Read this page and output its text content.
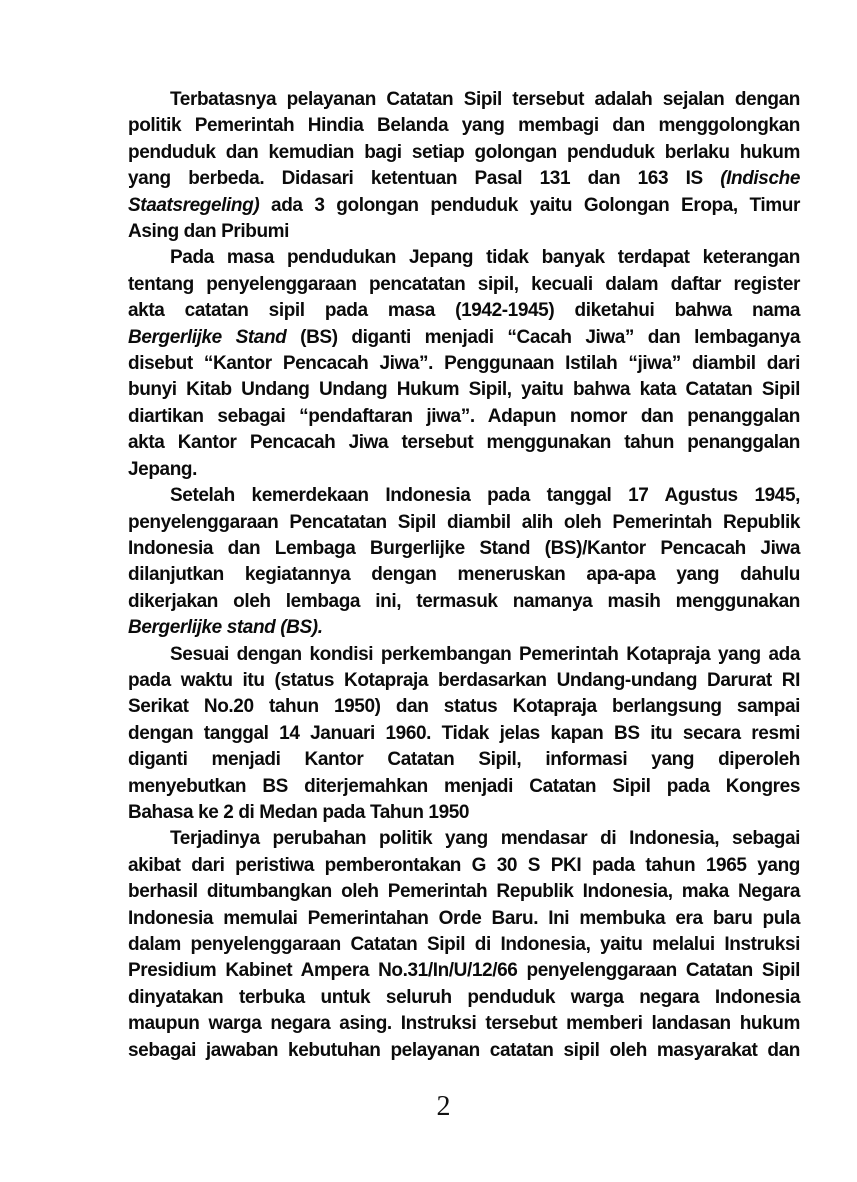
Terbatasnya pelayanan Catatan Sipil tersebut adalah sejalan dengan
politik Pemerintah Hindia Belanda yang membagi dan menggolongkan
penduduk dan kemudian bagi setiap golongan penduduk berlaku hukum
yang berbeda. Didasari ketentuan Pasal 131 dan 163 IS (Indische
Staatsregeling) ada 3 golongan penduduk yaitu Golongan Eropa, Timur
Asing dan Pribumi
Pada masa pendudukan Jepang tidak banyak terdapat keterangan
tentang penyelenggaraan pencatatan sipil, kecuali dalam daftar register
akta catatan sipil pada masa (1942-1945) diketahui bahwa nama
Bergerlijke Stand (BS) diganti menjadi “Cacah Jiwa” dan lembaganya
disebut “Kantor Pencacah Jiwa”. Penggunaan Istilah “jiwa” diambil dari
bunyi Kitab Undang Undang Hukum Sipil, yaitu bahwa kata Catatan Sipil
diartikan sebagai “pendaftaran jiwa”. Adapun nomor dan penanggalan
akta Kantor Pencacah Jiwa tersebut menggunakan tahun penanggalan
Jepang.
Setelah kemerdekaan Indonesia pada tanggal 17 Agustus 1945,
penyelenggaraan Pencatatan Sipil diambil alih oleh Pemerintah Republik
Indonesia dan Lembaga Burgerlijke Stand (BS)/Kantor Pencacah Jiwa
dilanjutkan kegiatannya dengan meneruskan apa-apa yang dahulu
dikerjakan oleh lembaga ini, termasuk namanya masih menggunakan
Bergerlijke stand (BS).
Sesuai dengan kondisi perkembangan Pemerintah Kotapraja yang ada
pada waktu itu (status Kotapraja berdasarkan Undang-undang Darurat RI
Serikat No.20 tahun 1950) dan status Kotapraja berlangsung sampai
dengan tanggal 14 Januari 1960. Tidak jelas kapan BS itu secara resmi
diganti menjadi Kantor Catatan Sipil, informasi yang diperoleh
menyebutkan BS diterjemahkan menjadi Catatan Sipil pada Kongres
Bahasa ke 2 di Medan pada Tahun 1950
Terjadinya perubahan politik yang mendasar di Indonesia, sebagai
akibat dari peristiwa pemberontakan G 30 S PKI pada tahun 1965 yang
berhasil ditumbangkan oleh Pemerintah Republik Indonesia, maka Negara
Indonesia memulai Pemerintahan Orde Baru. Ini membuka era baru pula
dalam penyelenggaraan Catatan Sipil di Indonesia, yaitu melalui Instruksi
Presidium Kabinet Ampera No.31/In/U/12/66 penyelenggaraan Catatan Sipil
dinyatakan terbuka untuk seluruh penduduk warga negara Indonesia
maupun warga negara asing. Instruksi tersebut memberi landasan hukum
sebagai jawaban kebutuhan pelayanan catatan sipil oleh masyarakat dan
2
